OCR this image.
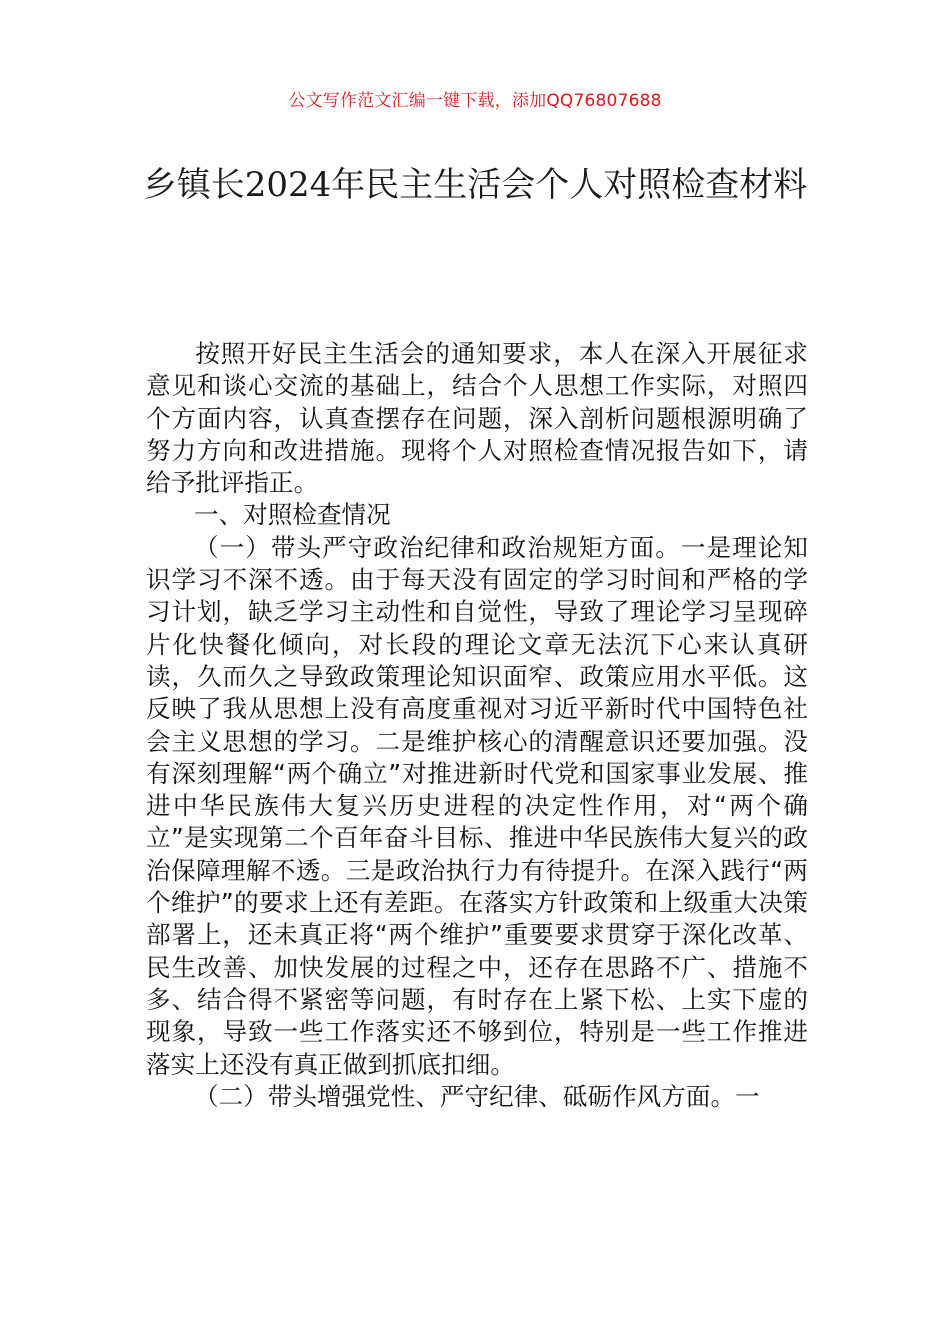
公文写作范文汇编一键下载，添加QQ76807688
乡镇长2024年民主生活会个人对照检查材料

按照开好民主生活会的通知要求，本人在深入开展征求意见和谈心交流的基础上，结合个人思想工作实际，对照四个方面内容，认真查摆存在问题，深入剖析问题根源明确了努力方向和改进措施。现将个人对照检查情况报告如下，请给予批评指正。

一、对照检查情况

（一）带头严守政治纪律和政治规矩方面。一是理论知识学习不深不透。由于每天没有固定的学习时间和严格的学习计划，缺乏学习主动性和自觉性，导致了理论学习呈现碎片化快餐化倾向，对长段的理论文章无法沉下心来认真研读，久而久之导致政策理论知识面窄、政策应用水平低。这反映了我从思想上没有高度重视对习近平新时代中国特色社会主义思想的学习。二是维护核心的清醒意识还要加强。没有深刻理解“两个确立”对推进新时代党和国家事业发展、推进中华民族伟大复兴历史进程的决定性作用，对“两个确立”是实现第二个百年奋斗目标、推进中华民族伟大复兴的政治保障理解不透。三是政治执行力有待提升。在深入践行“两个维护”的要求上还有差距。在落实方针政策和上级重大决策部署上，还未真正将“两个维护”重要要求贯穿于深化改革、民生改善、加快发展的过程之中，还存在思路不广、措施不多、结合得不紧密等问题，有时存在上紧下松、上实下虚的现象，导致一些工作落实还不够到位，特别是一些工作推进落实上还没有真正做到抓底扣细。

（二）带头增强党性、严守纪律、砥砺作风方面。一
